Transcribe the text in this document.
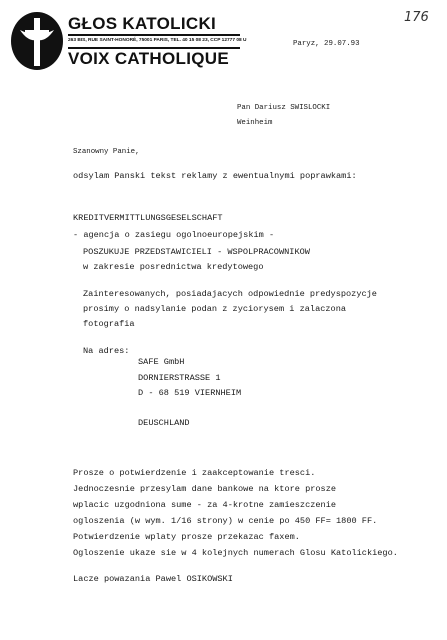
GŁOS KATOLICKI
263 BIS, RUE SAINT-HONORÉ, 75001 PARIS, TEL. 40 15 08 23, CCP 12777 08 U
VOIX CATHOLIQUE
176
Paryz, 29.07.93
Pan Dariusz SWISLOCKI
Weinheim
Szanowny Panie,
odsylam Panski tekst reklamy z ewentualnymi poprawkami:
KREDITVERMITTLUNGSGESELSCHAFT
- agencja o zasiegu ogolnoeuropejskim -
POSZUKUJE PRZEDSTAWICIELI - WSPOLPRACOWNIKOW
w zakresie posrednictwa kredytowego
Zainteresowanych, posiadajacych odpowiednie predyspozycje
prosimy o nadsylanie podan z zyciorysem i zalaczona
fotografia
Na adres:
SAFE GmbH
DORNIERSTRASSE 1
D - 68 519 VIERNHEIM
DEUSCHLAND
Prosze o potwierdzenie i zaakceptowanie tresci.
Jednoczesnie przesylam dane bankowe na ktore prosze
wplacic uzgodniona sume - za 4-krotne zamieszczenie
ogloszenia (w wym. 1/16 strony) w cenie po 450 FF= 1800 FF.
Potwierdzenie wplaty prosze przekazac faxem.
Ogloszenie ukaze sie w 4 kolejnych numerach Glosu Katolickiego.
Lacze powazania Pawel OSIKOWSKI
